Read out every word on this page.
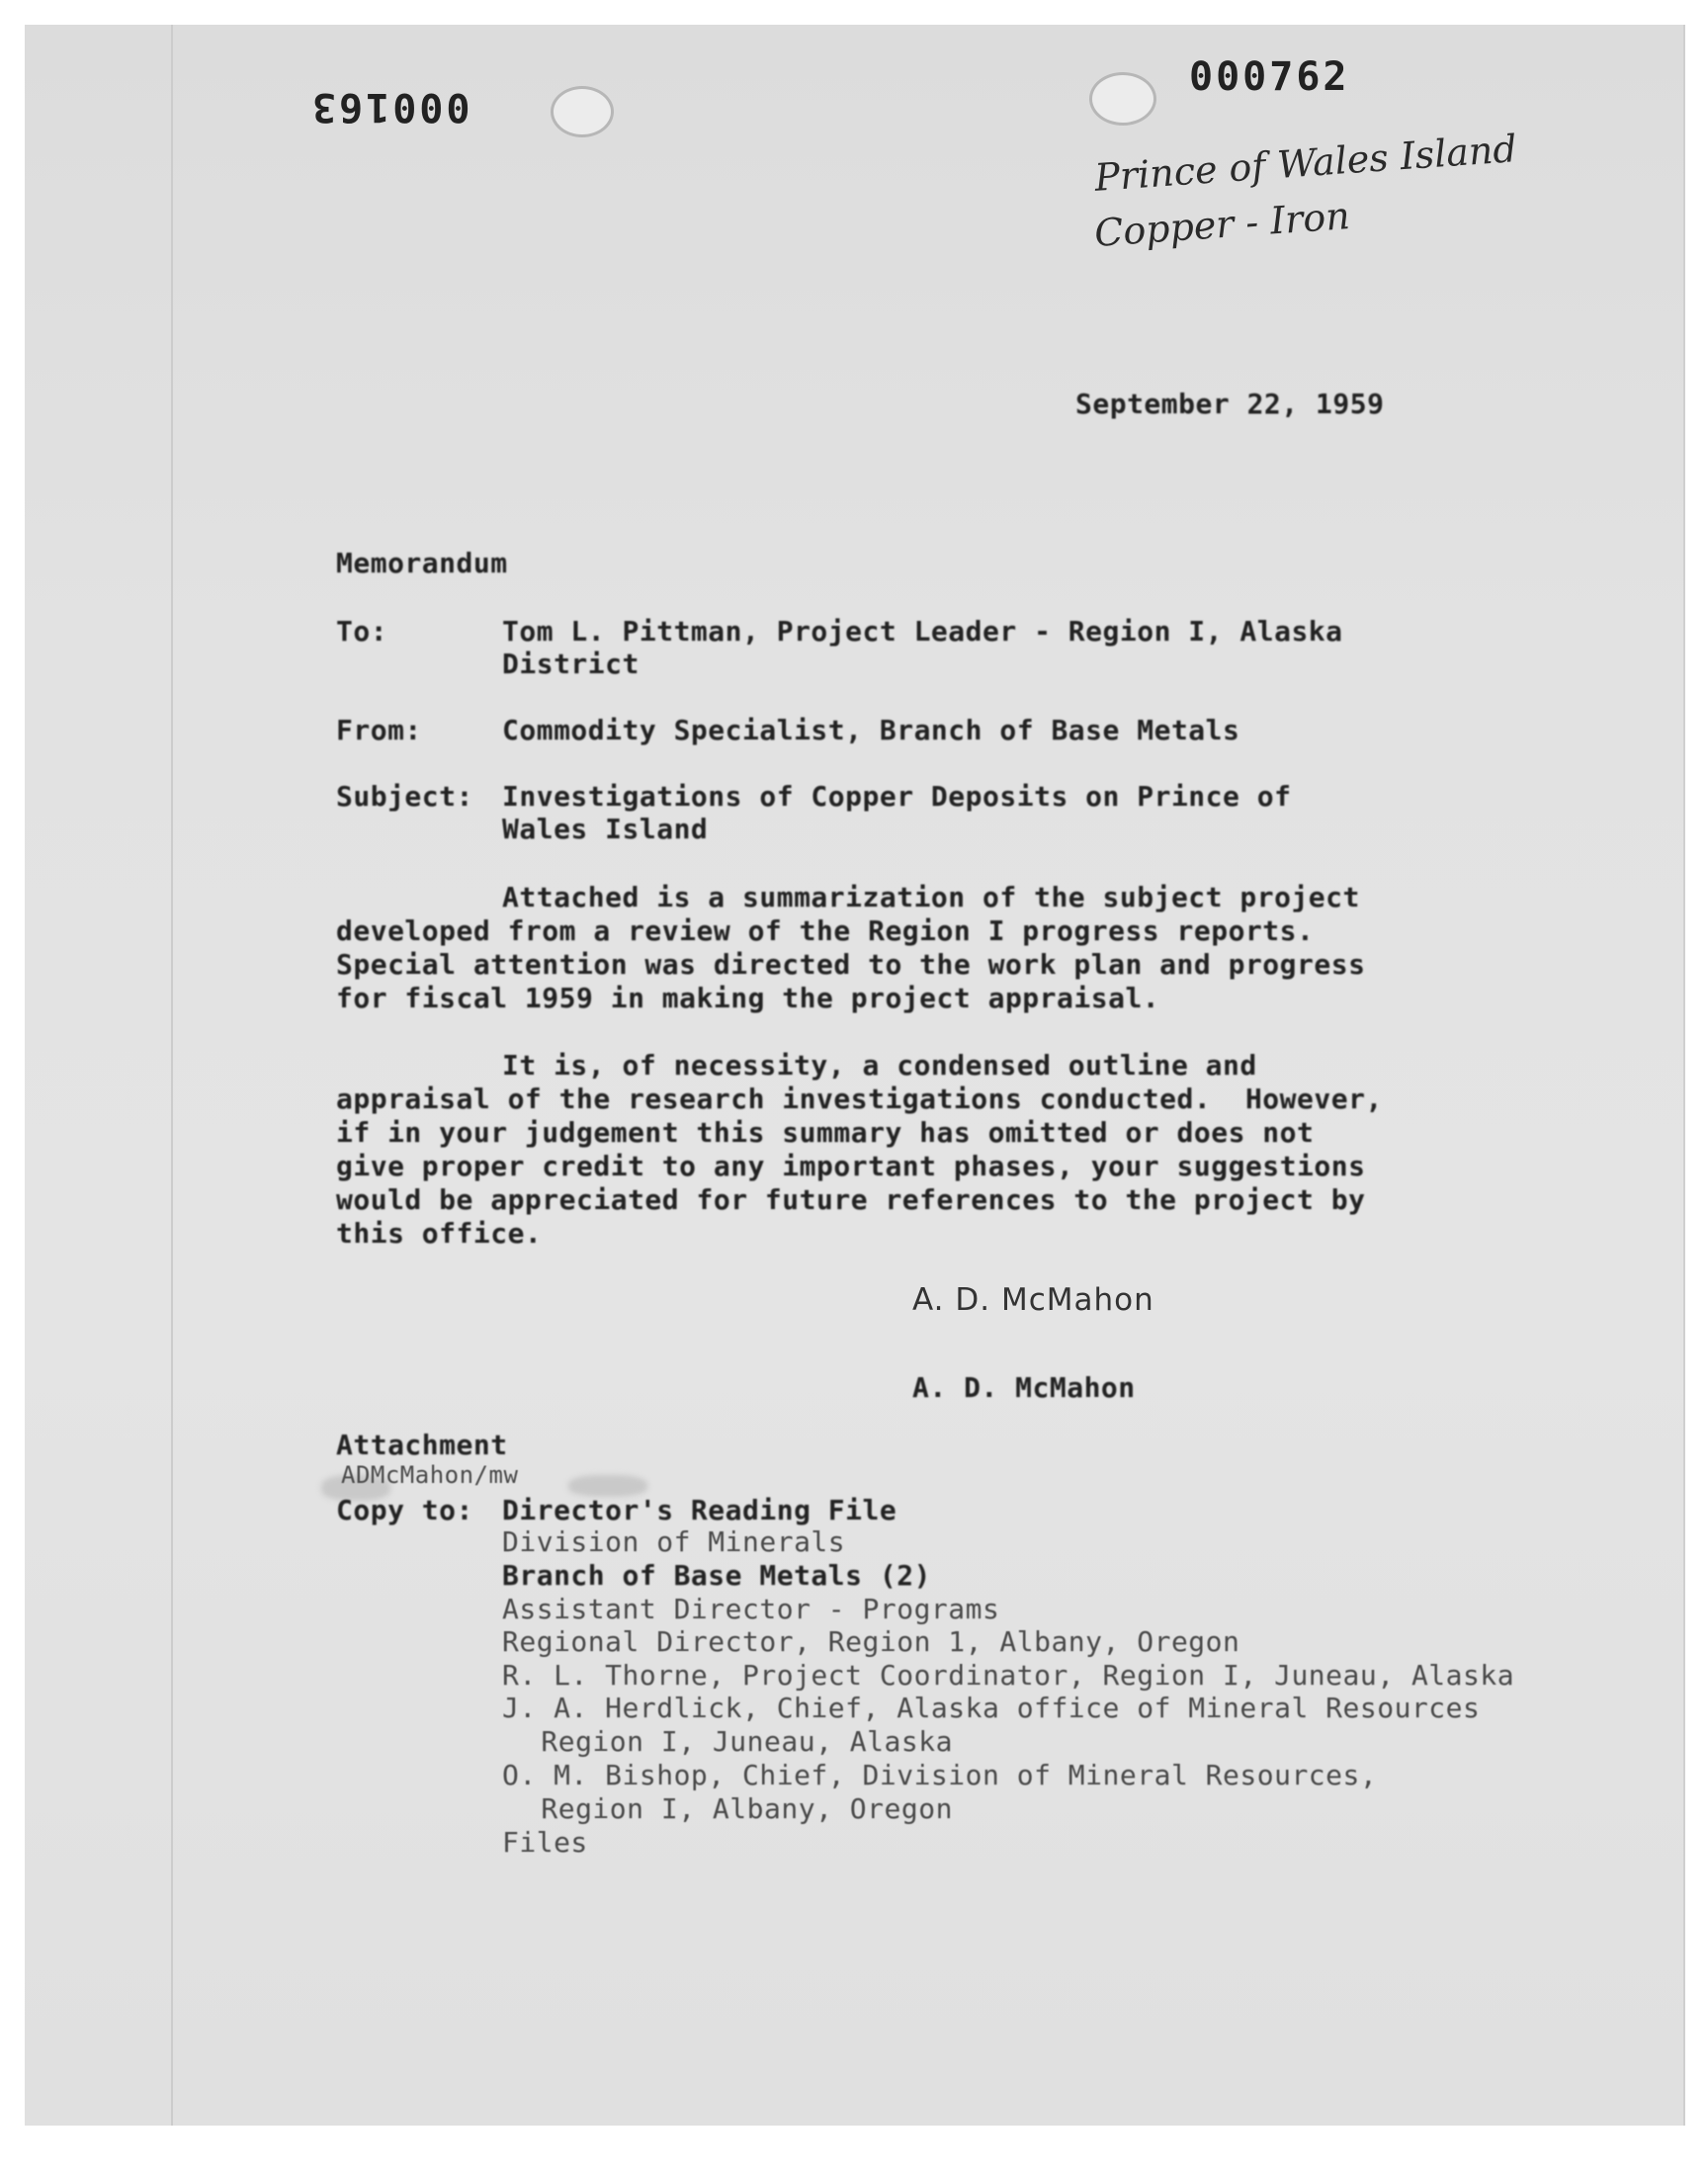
000163
000762
Prince of Wales Island
Copper - Iron
September 22, 1959
Memorandum
To:	Tom L. Pittman, Project Leader - Region I, Alaska
District
From:	Commodity Specialist, Branch of Base Metals
Subject: Investigations of Copper Deposits on Prince of
Wales Island
Attached is a summarization of the subject project
developed from a review of the Region I progress reports.
Special attention was directed to the work plan and progress
for fiscal 1959 in making the project appraisal.
It is, of necessity, a condensed outline and
appraisal of the research investigations conducted.  However,
if in your judgement this summary has omitted or does not
give proper credit to any important phases, your suggestions
would be appreciated for future references to the project by
this office.
A. D. McMahon
A. D. McMahon
Attachment
ADMcMahon/mw
Copy to: Director's Reading File
Division of Minerals
Branch of Base Metals (2)
Assistant Director - Programs
Regional Director, Region 1, Albany, Oregon
R. L. Thorne, Project Coordinator, Region I, Juneau, Alaska
J. A. Herdlick, Chief, Alaska office of Mineral Resources
Region I, Juneau, Alaska
O. M. Bishop, Chief, Division of Mineral Resources,
Region I, Albany, Oregon
Files
